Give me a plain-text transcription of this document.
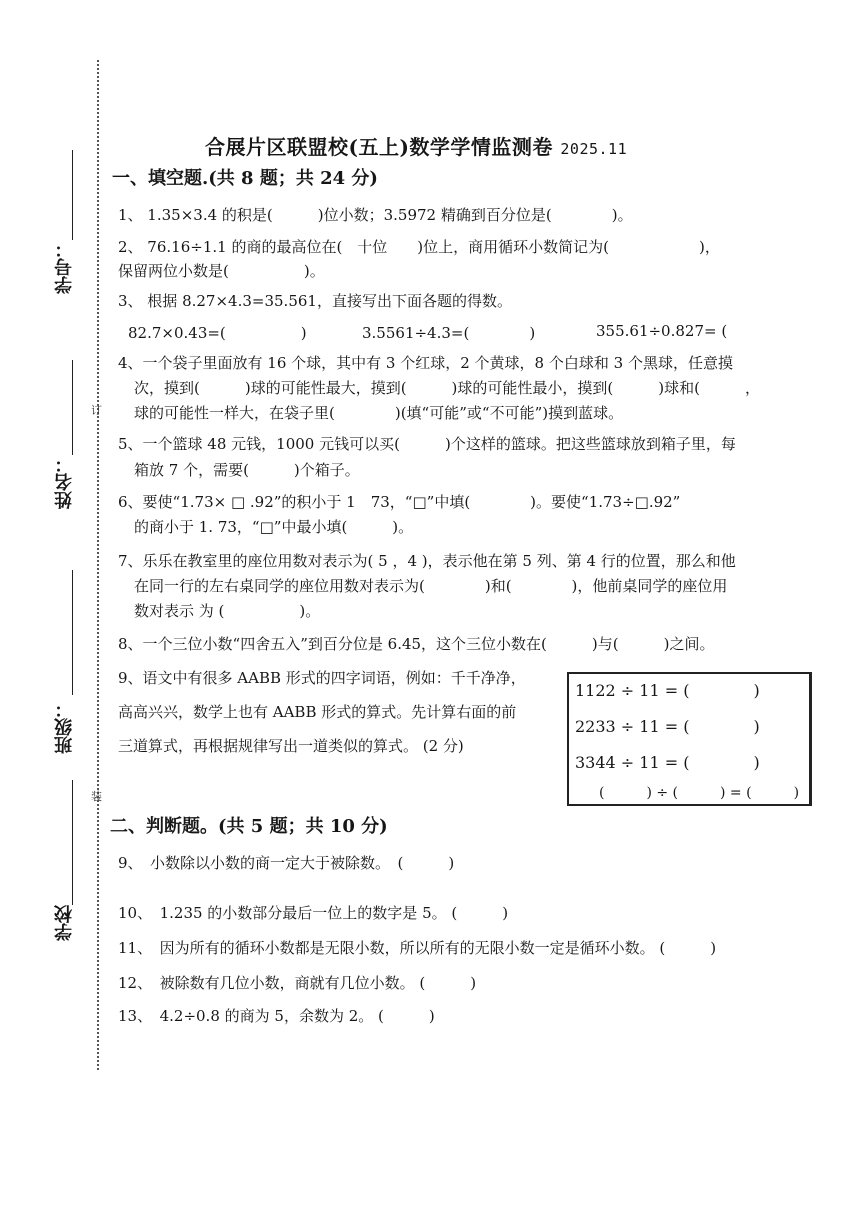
订
装
学号：
姓名：
班级：
学校
合展片区联盟校(五上)数学学情监测卷 2025.11
一、填空题.(共 8 题；共 24 分)
1、 1.35×3.4 的积是(　　　)位小数；3.5972 精确到百分位是(　　　　)。
2、 76.16÷1.1 的商的最高位在(　十位　　)位上，商用循环小数简记为(　　　　　　)，
保留两位小数是(　　　　　)。
3、 根据 8.27×4.3=35.561，直接写出下面各题的得数。
82.7×0.43=(　　　　　)	3.5561÷4.3=(　　　　)	355.61÷0.827= (
4、一个袋子里面放有 16 个球，其中有 3 个红球，2 个黄球，8 个白球和 3 个黑球，任意摸
次，摸到(　　　)球的可能性最大，摸到(　　　)球的可能性最小，摸到(　　　)球和(　　　，
球的可能性一样大，在袋子里(　　　　)(填“可能”或“不可能”)摸到蓝球。
5、一个篮球 48 元钱，1000 元钱可以买(　　　)个这样的篮球。把这些篮球放到箱子里，每
箱放 7 个，需要(　　　)个箱子。
6、要使“1.73× □ .92”的积小于 1　73，“□”中填(　　　　)。要使“1.73÷□.92”
的商小于 1. 73，“□”中最小填(　　　)。
7、乐乐在教室里的座位用数对表示为( 5 ，4 )，表示他在第 5 列、第 4 行的位置，那么和他
在同一行的左右桌同学的座位用数对表示为(　　　　)和(　　　　)，他前桌同学的座位用
数对表示 为 (　　　　　)。
8、一个三位小数“四舍五入”到百分位是 6.45，这个三位小数在(　　　)与(　　　)之间。
9、语文中有很多 AABB 形式的四字词语，例如：千千净净，
高高兴兴，数学上也有 AABB 形式的算式。先计算右面的前
三道算式，再根据规律写出一道类似的算式。 (2 分)
1122 ÷ 11 = (　　　　)
2233 ÷ 11 = (　　　　)
3344 ÷ 11 = (　　　　)
(　　　) ÷ (　　　) = (　　　)
二、判断题。(共 5 题；共 10 分)
9、　小数除以小数的商一定大于被除数。　(　　　)
10、　1.235 的小数部分最后一位上的数字是 5。 (　　　)
11、　因为所有的循环小数都是无限小数，所以所有的无限小数一定是循环小数。 (　　　)
12、　被除数有几位小数，商就有几位小数。 (　　　)
13、　4.2÷0.8 的商为 5，余数为 2。 (　　　)
